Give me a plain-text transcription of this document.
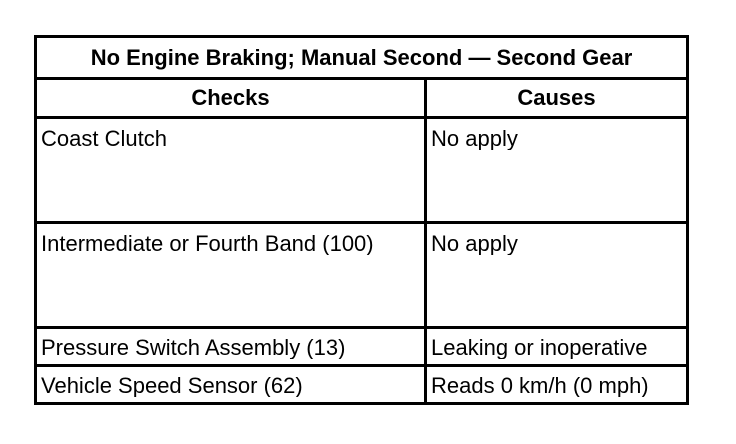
No Engine Braking; Manual Second — Second Gear	
Checks	Causes

Coast Clutch	No apply

Intermediate or Fourth Band (100)	No apply

Pressure Switch Assembly (13)	Leaking or inoperative

Vehicle Speed Sensor (62)	Reads 0 km/h (0 mph)
